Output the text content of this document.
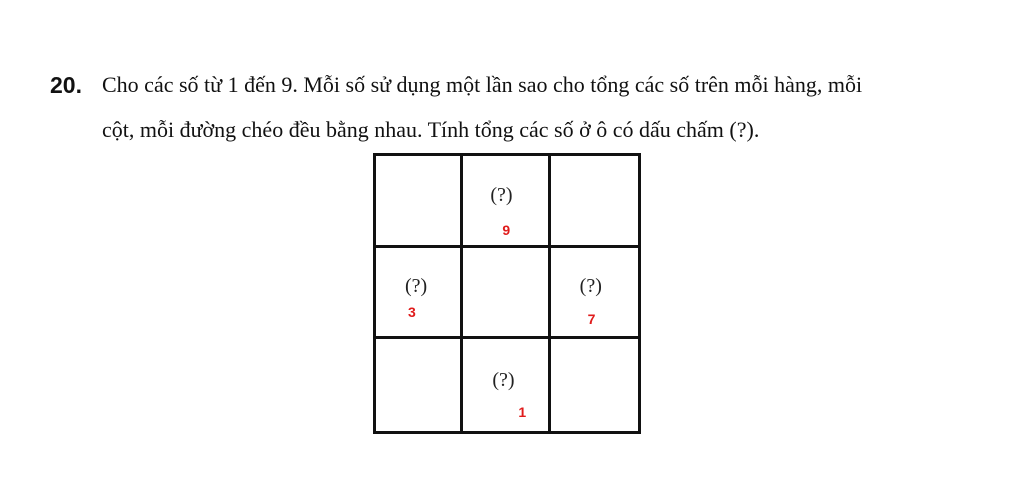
20. Cho các số từ 1 đến 9. Mỗi số sử dụng một lần sao cho tổng các số trên mỗi hàng, mỗi
cột, mỗi đường chéo đều bằng nhau. Tính tổng các số ở ô có dấu chấm (?).
(?)
9
(?)
3
(?)
7
(?)
1
